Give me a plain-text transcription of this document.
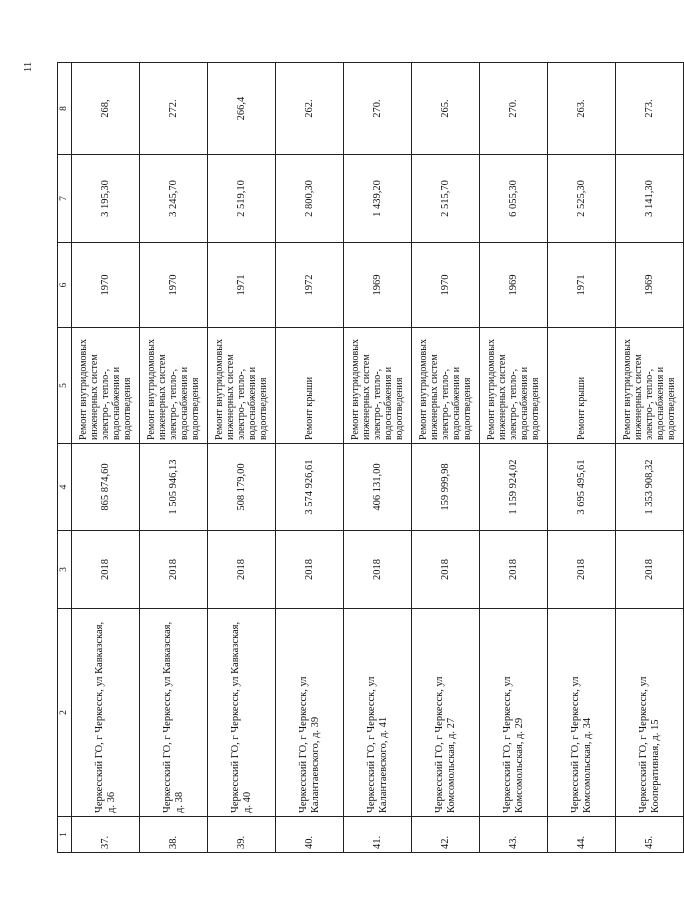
11
1	2	3	4	5	6	7	8
37.	Черкесский ГО, г Черкесск, ул Кавказская, д. 36	2018	865 874,60	Ремонт внутридомовых инженерных систем электро-, тепло-, водоснабжения и водоотведения	1970	3 195,30	268,
38.	Черкесский ГО, г Черкесск, ул Кавказская, д. 38	2018	1 505 946,13	Ремонт внутридомовых инженерных систем электро-, тепло-, водоснабжения и водоотведения	1970	3 245,70	272.
39.	Черкесский ГО, г Черкесск, ул Кавказская, д. 40	2018	508 179,00	Ремонт внутридомовых инженерных систем электро-, тепло-, водоснабжения и водоотведения	1971	2 519,10	266,4
40.	Черкесский ГО, г Черкесск, ул Калантаевского, д. 39	2018	3 574 926,61	Ремонт крыши	1972	2 800,30	262.
41.	Черкесский ГО, г Черкесск, ул Калантаевского, д. 41	2018	406 131,00	Ремонт внутридомовых инженерных систем электро-, тепло-, водоснабжения и водоотведения	1969	1 439,20	270.
42.	Черкесский ГО, г Черкесск, ул Комсомольская, д. 27	2018	159 999,98	Ремонт внутридомовых инженерных систем электро-, тепло-, водоснабжения и водоотведения	1970	2 515,70	265.
43.	Черкесский ГО, г Черкесск, ул Комсомольская, д. 29	2018	1 159 924,02	Ремонт внутридомовых инженерных систем электро-, тепло-, водоснабжения и водоотведения	1969	6 055,30	270.
44.	Черкесский ГО, г Черкесск, ул Комсомольская, д. 34	2018	3 695 495,61	Ремонт крыши	1971	2 525,30	263.
45.	Черкесский ГО, г Черкесск, ул Кооперативная, д. 15	2018	1 353 908,32	Ремонт внутридомовых инженерных систем электро-, тепло-, водоснабжения и водоотведения	1969	3 141,30	273.
